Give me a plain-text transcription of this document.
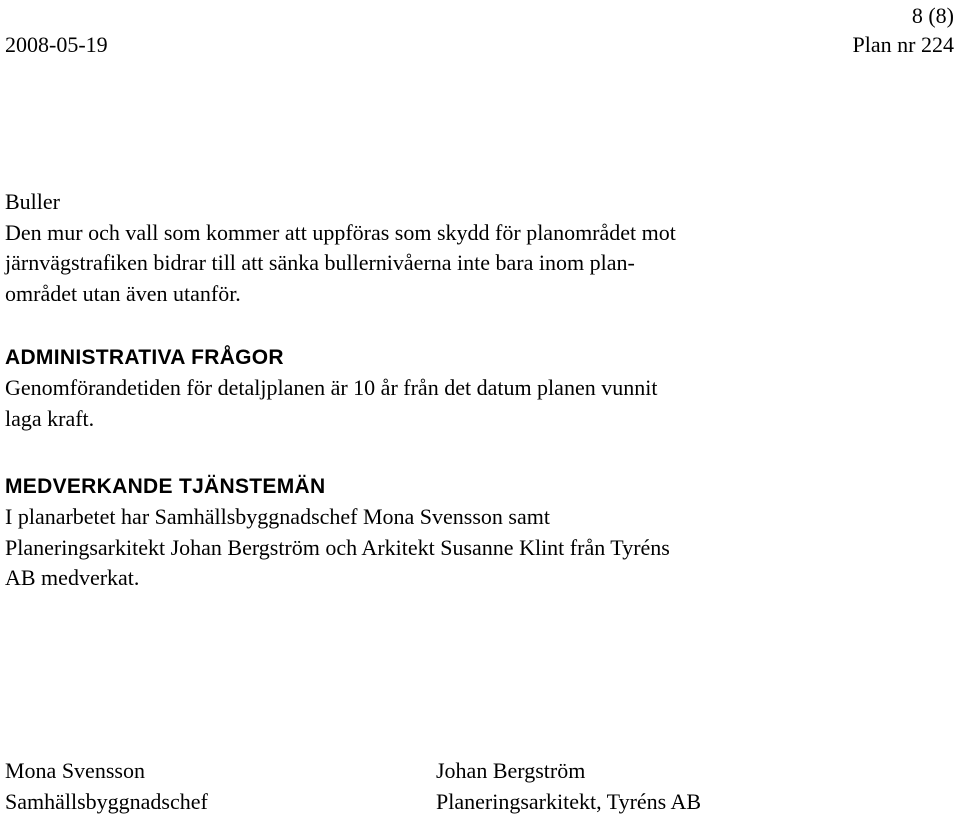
8 (8)
2008-05-19	Plan nr 224

Buller

Den mur och vall som kommer att uppföras som skydd för planområdet mot
järnvägstrafiken bidrar till att sänka bullernivåerna inte bara inom plan-
området utan även utanför.

ADMINISTRATIVA FRÅGOR

Genomförandetiden för detaljplanen är 10 år från det datum planen vunnit
laga kraft.

MEDVERKANDE TJÄNSTEMÄN

I planarbetet har Samhällsbyggnadschef Mona Svensson samt
Planeringsarkitekt Johan Bergström och Arkitekt Susanne Klint från Tyréns
AB medverkat.

Mona Svensson
Samhällsbyggnadschef
Johan Bergström
Planeringsarkitekt, Tyréns AB
